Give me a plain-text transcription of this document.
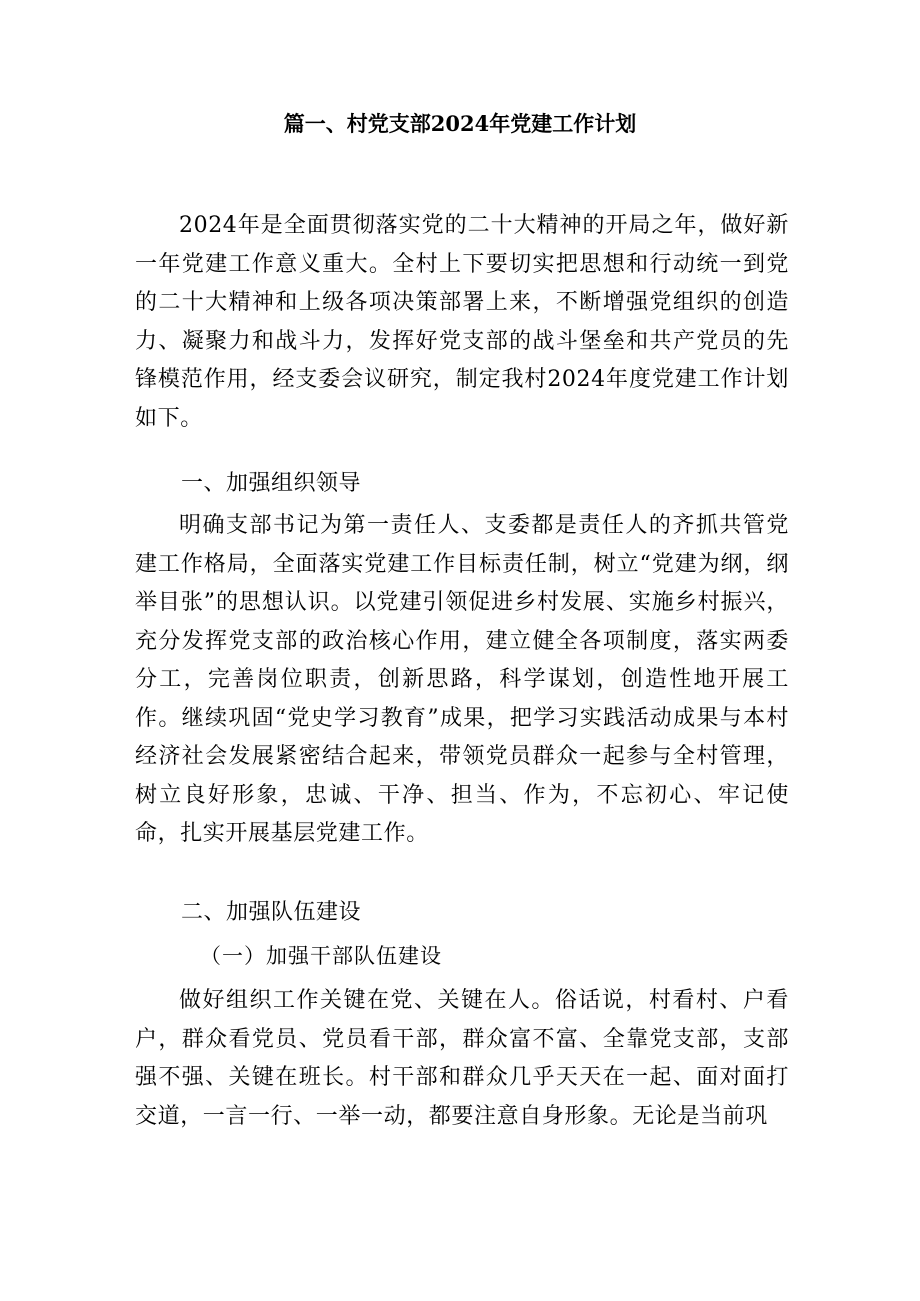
篇一、村党支部2024年党建工作计划

2024年是全面贯彻落实党的二十大精神的开局之年，做好新一年党建工作意义重大。全村上下要切实把思想和行动统一到党的二十大精神和上级各项决策部署上来，不断增强党组织的创造力、凝聚力和战斗力，发挥好党支部的战斗堡垒和共产党员的先锋模范作用，经支委会议研究，制定我村2024年度党建工作计划如下。

一、加强组织领导

明确支部书记为第一责任人、支委都是责任人的齐抓共管党建工作格局，全面落实党建工作目标责任制，树立“党建为纲，纲举目张”的思想认识。以党建引领促进乡村发展、实施乡村振兴，充分发挥党支部的政治核心作用，建立健全各项制度，落实两委分工，完善岗位职责，创新思路，科学谋划，创造性地开展工作。继续巩固“党史学习教育”成果，把学习实践活动成果与本村经济社会发展紧密结合起来，带领党员群众一起参与全村管理，树立良好形象，忠诚、干净、担当、作为，不忘初心、牢记使命，扎实开展基层党建工作。

二、加强队伍建设
（一）加强干部队伍建设

做好组织工作关键在党、关键在人。俗话说，村看村、户看户，群众看党员、党员看干部，群众富不富、全靠党支部，支部强不强、关键在班长。村干部和群众几乎天天在一起、面对面打交道，一言一行、一举一动，都要注意自身形象。无论是当前巩
